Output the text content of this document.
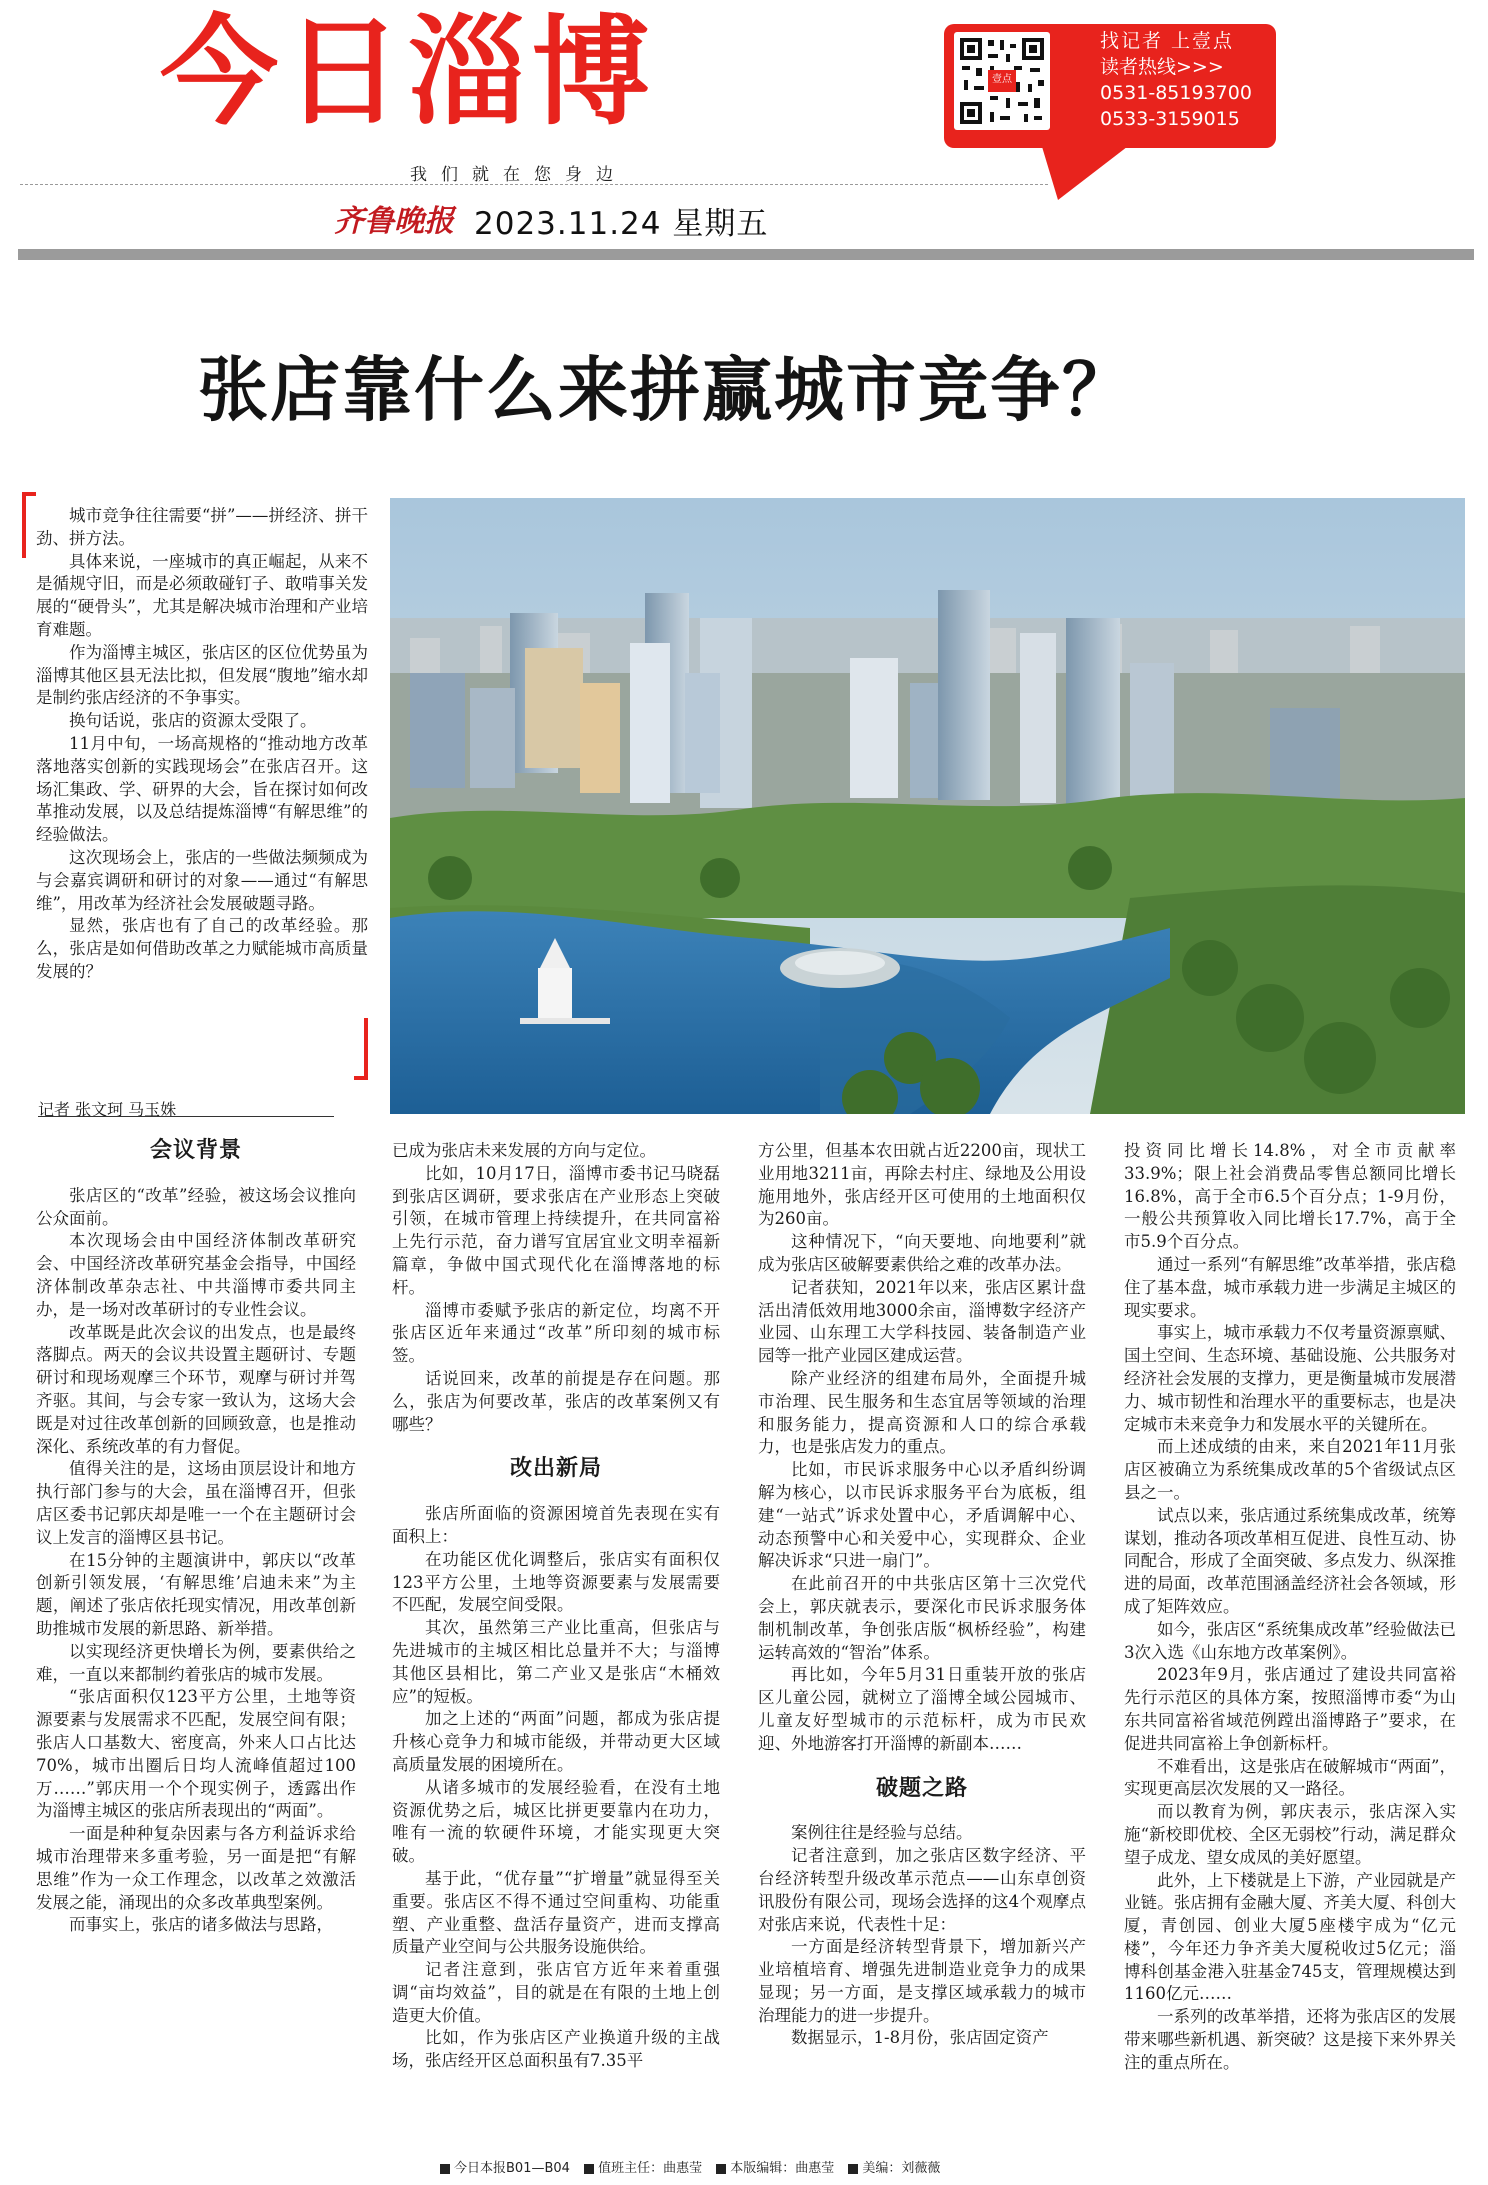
今日淄博	壹点
找记者 上壹点
读者热线>>>
0531-85193700
0533-3159015
我们就在您身边
齐鲁晚报 2023.11.24 星期五
张店靠什么来拼赢城市竞争？

城市竞争往往需要“拼”——拼经济、拼干劲、拼方法。

具体来说，一座城市的真正崛起，从来不是循规守旧，而是必须敢碰钉子、敢啃事关发展的“硬骨头”，尤其是解决城市治理和产业培育难题。

作为淄博主城区，张店区的区位优势虽为淄博其他区县无法比拟，但发展“腹地”缩水却是制约张店经济的不争事实。

换句话说，张店的资源太受限了。

11月中旬，一场高规格的“推动地方改革落地落实创新的实践现场会”在张店召开。这场汇集政、学、研界的大会，旨在探讨如何改革推动发展，以及总结提炼淄博“有解思维”的经验做法。

这次现场会上，张店的一些做法频频成为与会嘉宾调研和研讨的对象——通过“有解思维”，用改革为经济社会发展破题寻路。

显然，张店也有了自己的改革经验。那么，张店是如何借助改革之力赋能城市高质量发展的？

记者 张文珂 马玉姝
会议背景

张店区的“改革”经验，被这场会议推向公众面前。

本次现场会由中国经济体制改革研究会、中国经济改革研究基金会指导，中国经济体制改革杂志社、中共淄博市委共同主办，是一场对改革研讨的专业性会议。

改革既是此次会议的出发点，也是最终落脚点。两天的会议共设置主题研讨、专题研讨和现场观摩三个环节，观摩与研讨并驾齐驱。其间，与会专家一致认为，这场大会既是对过往改革创新的回顾致意，也是推动深化、系统改革的有力督促。

值得关注的是，这场由顶层设计和地方执行部门参与的大会，虽在淄博召开，但张店区委书记郭庆却是唯一一个在主题研讨会议上发言的淄博区县书记。

在15分钟的主题演讲中，郭庆以“改革创新引领发展，‘有解思维’启迪未来”为主题，阐述了张店依托现实情况，用改革创新助推城市发展的新思路、新举措。

以实现经济更快增长为例，要素供给之难，一直以来都制约着张店的城市发展。

“张店面积仅123平方公里，土地等资源要素与发展需求不匹配，发展空间有限；张店人口基数大、密度高，外来人口占比达70%，城市出圈后日均人流峰值超过100万……”郭庆用一个个现实例子，透露出作为淄博主城区的张店所表现出的“两面”。

一面是种种复杂因素与各方利益诉求给城市治理带来多重考验，另一面是把“有解思维”作为一众工作理念，以改革之效激活发展之能，涌现出的众多改革典型案例。

而事实上，张店的诸多做法与思路，

已成为张店未来发展的方向与定位。

比如，10月17日，淄博市委书记马晓磊到张店区调研，要求张店在产业形态上突破引领，在城市管理上持续提升，在共同富裕上先行示范，奋力谱写宜居宜业文明幸福新篇章，争做中国式现代化在淄博落地的标杆。

淄博市委赋予张店的新定位，均离不开张店区近年来通过“改革”所印刻的城市标签。

话说回来，改革的前提是存在问题。那么，张店为何要改革，张店的改革案例又有哪些？

改出新局

张店所面临的资源困境首先表现在实有面积上：

在功能区优化调整后，张店实有面积仅123平方公里，土地等资源要素与发展需要不匹配，发展空间受限。

其次，虽然第三产业比重高，但张店与先进城市的主城区相比总量并不大；与淄博其他区县相比，第二产业又是张店“木桶效应”的短板。

加之上述的“两面”问题，都成为张店提升核心竞争力和城市能级，并带动更大区域高质量发展的困境所在。

从诸多城市的发展经验看，在没有土地资源优势之后，城区比拼更要靠内在功力，唯有一流的软硬件环境，才能实现更大突破。

基于此，“优存量”“扩增量”就显得至关重要。张店区不得不通过空间重构、功能重塑、产业重整、盘活存量资产，进而支撑高质量产业空间与公共服务设施供给。

记者注意到，张店官方近年来着重强调“亩均效益”，目的就是在有限的土地上创造更大价值。

比如，作为张店区产业换道升级的主战场，张店经开区总面积虽有7.35平

方公里，但基本农田就占近2200亩，现状工业用地3211亩，再除去村庄、绿地及公用设施用地外，张店经开区可使用的土地面积仅为260亩。

这种情况下，“向天要地、向地要利”就成为张店区破解要素供给之难的改革办法。

记者获知，2021年以来，张店区累计盘活出清低效用地3000余亩，淄博数字经济产业园、山东理工大学科技园、装备制造产业园等一批产业园区建成运营。

除产业经济的组建布局外，全面提升城市治理、民生服务和生态宜居等领域的治理和服务能力，提高资源和人口的综合承载力，也是张店发力的重点。

比如，市民诉求服务中心以矛盾纠纷调解为核心，以市民诉求服务平台为底板，组建“一站式”诉求处置中心，矛盾调解中心、动态预警中心和关爱中心，实现群众、企业解决诉求“只进一扇门”。

在此前召开的中共张店区第十三次党代会上，郭庆就表示，要深化市民诉求服务体制机制改革，争创张店版“枫桥经验”，构建运转高效的“智治”体系。

再比如，今年5月31日重装开放的张店区儿童公园，就树立了淄博全域公园城市、儿童友好型城市的示范标杆，成为市民欢迎、外地游客打开淄博的新副本……

破题之路

案例往往是经验与总结。

记者注意到，加之张店区数字经济、平台经济转型升级改革示范点——山东卓创资讯股份有限公司，现场会选择的这4个观摩点对张店来说，代表性十足：

一方面是经济转型背景下，增加新兴产业培植培育、增强先进制造业竞争力的成果显现；另一方面，是支撑区域承载力的城市治理能力的进一步提升。

数据显示，1-8月份，张店固定资产

投资同比增长14.8%，对全市贡献率33.9%；限上社会消费品零售总额同比增长16.8%，高于全市6.5个百分点；1-9月份，一般公共预算收入同比增长17.7%，高于全市5.9个百分点。

通过一系列“有解思维”改革举措，张店稳住了基本盘，城市承载力进一步满足主城区的现实要求。

事实上，城市承载力不仅考量资源禀赋、国土空间、生态环境、基础设施、公共服务对经济社会发展的支撑力，更是衡量城市发展潜力、城市韧性和治理水平的重要标志，也是决定城市未来竞争力和发展水平的关键所在。

而上述成绩的由来，来自2021年11月张店区被确立为系统集成改革的5个省级试点区县之一。

试点以来，张店通过系统集成改革，统筹谋划，推动各项改革相互促进、良性互动、协同配合，形成了全面突破、多点发力、纵深推进的局面，改革范围涵盖经济社会各领域，形成了矩阵效应。

如今，张店区“系统集成改革”经验做法已3次入选《山东地方改革案例》。

2023年9月，张店通过了建设共同富裕先行示范区的具体方案，按照淄博市委“为山东共同富裕省域范例蹚出淄博路子”要求，在促进共同富裕上争创新标杆。

不难看出，这是张店在破解城市“两面”，实现更高层次发展的又一路径。

而以教育为例，郭庆表示，张店深入实施“新校即优校、全区无弱校”行动，满足群众望子成龙、望女成凤的美好愿望。

此外，上下楼就是上下游，产业园就是产业链。张店拥有金融大厦、齐美大厦、科创大厦，青创园、创业大厦5座楼宇成为“亿元楼”，今年还力争齐美大厦税收过5亿元；淄博科创基金港入驻基金745支，管理规模达到1160亿元……

一系列的改革举措，还将为张店区的发展带来哪些新机遇、新突破？这是接下来外界关注的重点所在。

今日本报B01—B04 值班主任：曲惠莹 本版编辑：曲惠莹 美编：刘薇薇
